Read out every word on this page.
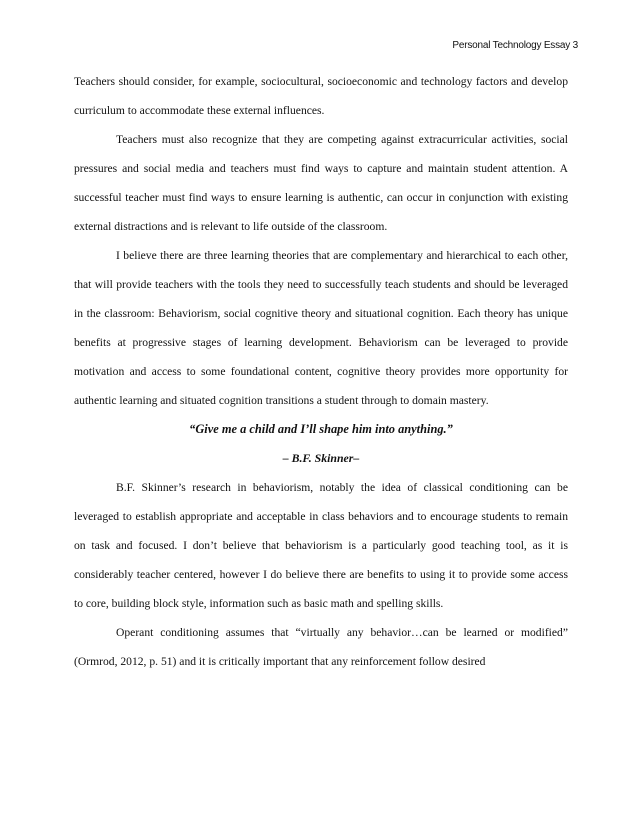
Personal Technology Essay 3

Teachers should consider, for example, sociocultural, socioeconomic and technology factors and develop curriculum to accommodate these external influences.

Teachers must also recognize that they are competing against extracurricular activities, social pressures and social media and teachers must find ways to capture and maintain student attention. A successful teacher must find ways to ensure learning is authentic, can occur in conjunction with existing external distractions and is relevant to life outside of the classroom.

I believe there are three learning theories that are complementary and hierarchical to each other, that will provide teachers with the tools they need to successfully teach students and should be leveraged in the classroom: Behaviorism, social cognitive theory and situational cognition. Each theory has unique benefits at progressive stages of learning development. Behaviorism can be leveraged to provide motivation and access to some foundational content, cognitive theory provides more opportunity for authentic learning and situated cognition transitions a student through to domain mastery.

“Give me a child and I’ll shape him into anything.”

– B.F. Skinner–

B.F. Skinner’s research in behaviorism, notably the idea of classical conditioning can be leveraged to establish appropriate and acceptable in class behaviors and to encourage students to remain on task and focused. I don’t believe that behaviorism is a particularly good teaching tool, as it is considerably teacher centered, however I do believe there are benefits to using it to provide some access to core, building block style, information such as basic math and spelling skills.

Operant conditioning assumes that “virtually any behavior…can be learned or modified” (Ormrod, 2012, p. 51) and it is critically important that any reinforcement follow desired
